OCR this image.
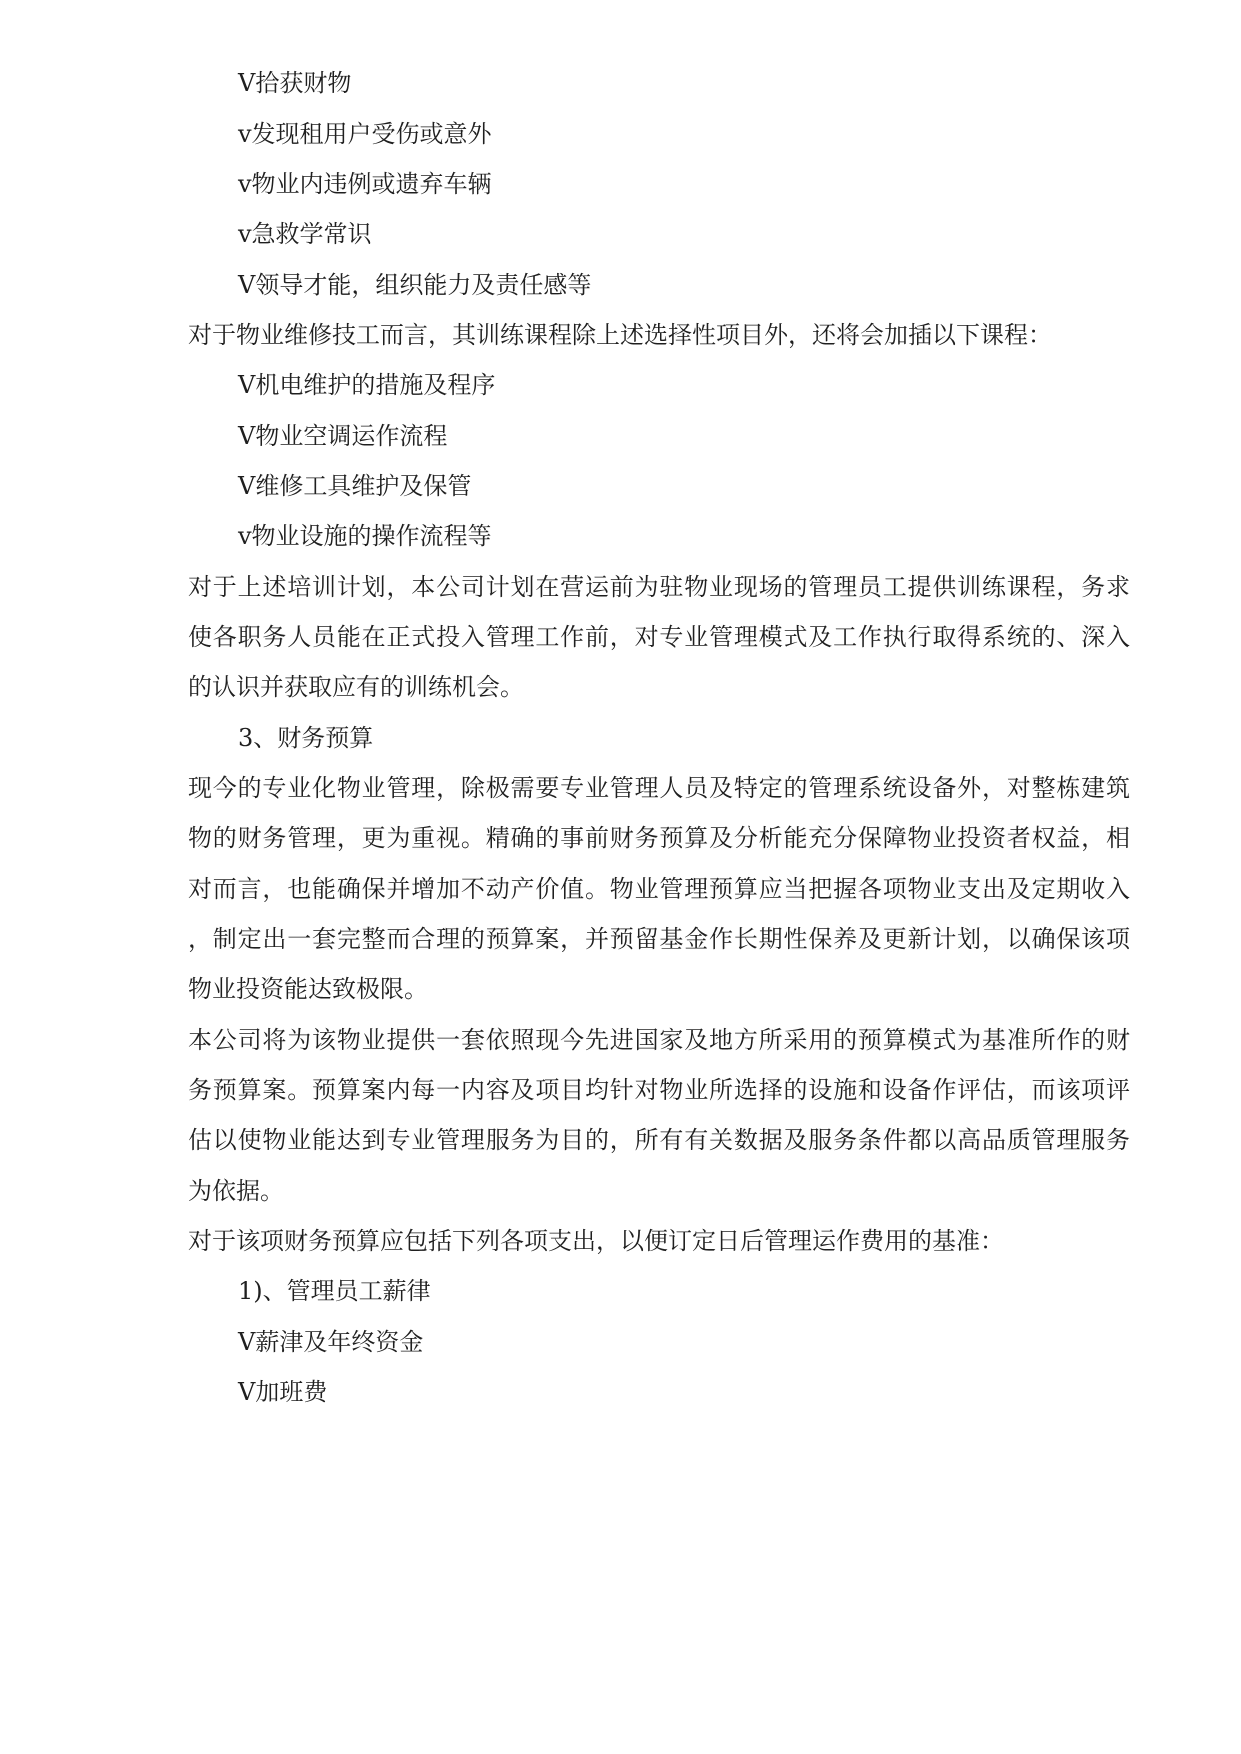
V拾获财物

v发现租用户受伤或意外

v物业内违例或遗弃车辆

v急救学常识

V领导才能，组织能力及责任感等

对于物业维修技工而言，其训练课程除上述选择性项目外，还将会加插以下课程：

V机电维护的措施及程序

V物业空调运作流程

V维修工具维护及保管

v物业设施的操作流程等

对于上述培训计划，本公司计划在营运前为驻物业现场的管理员工提供训练课程，务求

使各职务人员能在正式投入管理工作前，对专业管理模式及工作执行取得系统的、深入

的认识并获取应有的训练机会。

3、财务预算

现今的专业化物业管理，除极需要专业管理人员及特定的管理系统设备外，对整栋建筑

物的财务管理，更为重视。精确的事前财务预算及分析能充分保障物业投资者权益，相

对而言，也能确保并增加不动产价值。物业管理预算应当把握各项物业支出及定期收入

，制定出一套完整而合理的预算案，并预留基金作长期性保养及更新计划，以确保该项

物业投资能达致极限。

本公司将为该物业提供一套依照现今先进国家及地方所采用的预算模式为基准所作的财

务预算案。预算案内每一内容及项目均针对物业所选择的设施和设备作评估，而该项评

估以使物业能达到专业管理服务为目的，所有有关数据及服务条件都以高品质管理服务

为依据。

对于该项财务预算应包括下列各项支出，以便订定日后管理运作费用的基准：

1)、管理员工薪律

V薪津及年终资金

V加班费
